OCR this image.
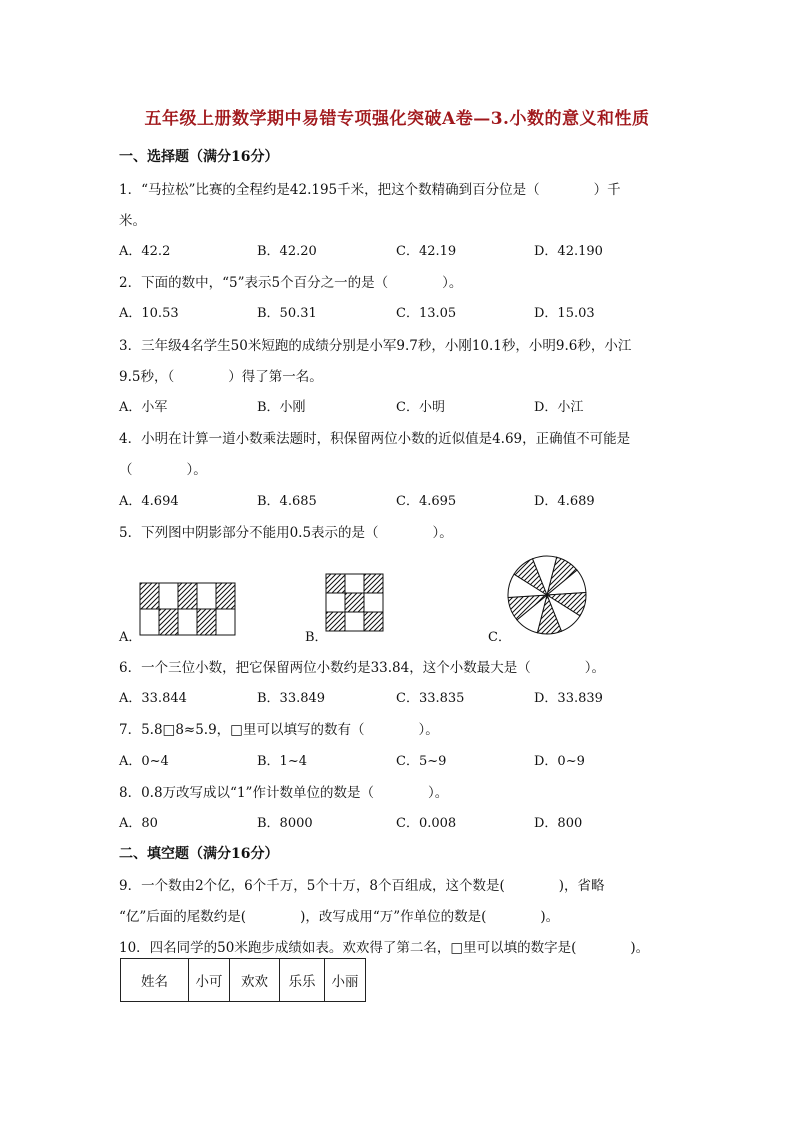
五年级上册数学期中易错专项强化突破A卷—3.小数的意义和性质
一、选择题（满分16分）
1．“马拉松”比赛的全程约是42.195千米，把这个数精确到百分位是（　　　　）千
米。
A．42.2	B．42.20	C．42.19	D．42.190
2．下面的数中，“5”表示5个百分之一的是（　　　　）。
A．10.53	B．50.31	C．13.05	D．15.03
3．三年级4名学生50米短跑的成绩分别是小军9.7秒，小刚10.1秒，小明9.6秒，小江
9.5秒，（　　　　）得了第一名。
A．小军	B．小刚	C．小明	D．小江
4．小明在计算一道小数乘法题时，积保留两位小数的近似值是4.69，正确值不可能是
（　　　　）。
A．4.694	B．4.685	C．4.695	D．4.689
5．下列图中阴影部分不能用0.5表示的是（　　　　）。
A．	B．	C．
6．一个三位小数，把它保留两位小数约是33.84，这个小数最大是（　　　　）。
A．33.844	B．33.849	C．33.835	D．33.839
7．5.8□8≈5.9，□里可以填写的数有（　　　　）。
A．0~4	B．1~4	C．5~9	D．0~9
8．0.8万改写成以“1”作计数单位的数是（　　　　）。
A．80	B．8000	C．0.008	D．800
二、填空题（满分16分）
9．一个数由2个亿，6个千万，5个十万，8个百组成，这个数是(　　　　)，省略
“亿”后面的尾数约是(　　　　)，改写成用“万”作单位的数是(　　　　)。
10．四名同学的50米跑步成绩如表。欢欢得了第二名，□里可以填的数字是(　　　　)。
姓名	小可	欢欢	乐乐	小丽
